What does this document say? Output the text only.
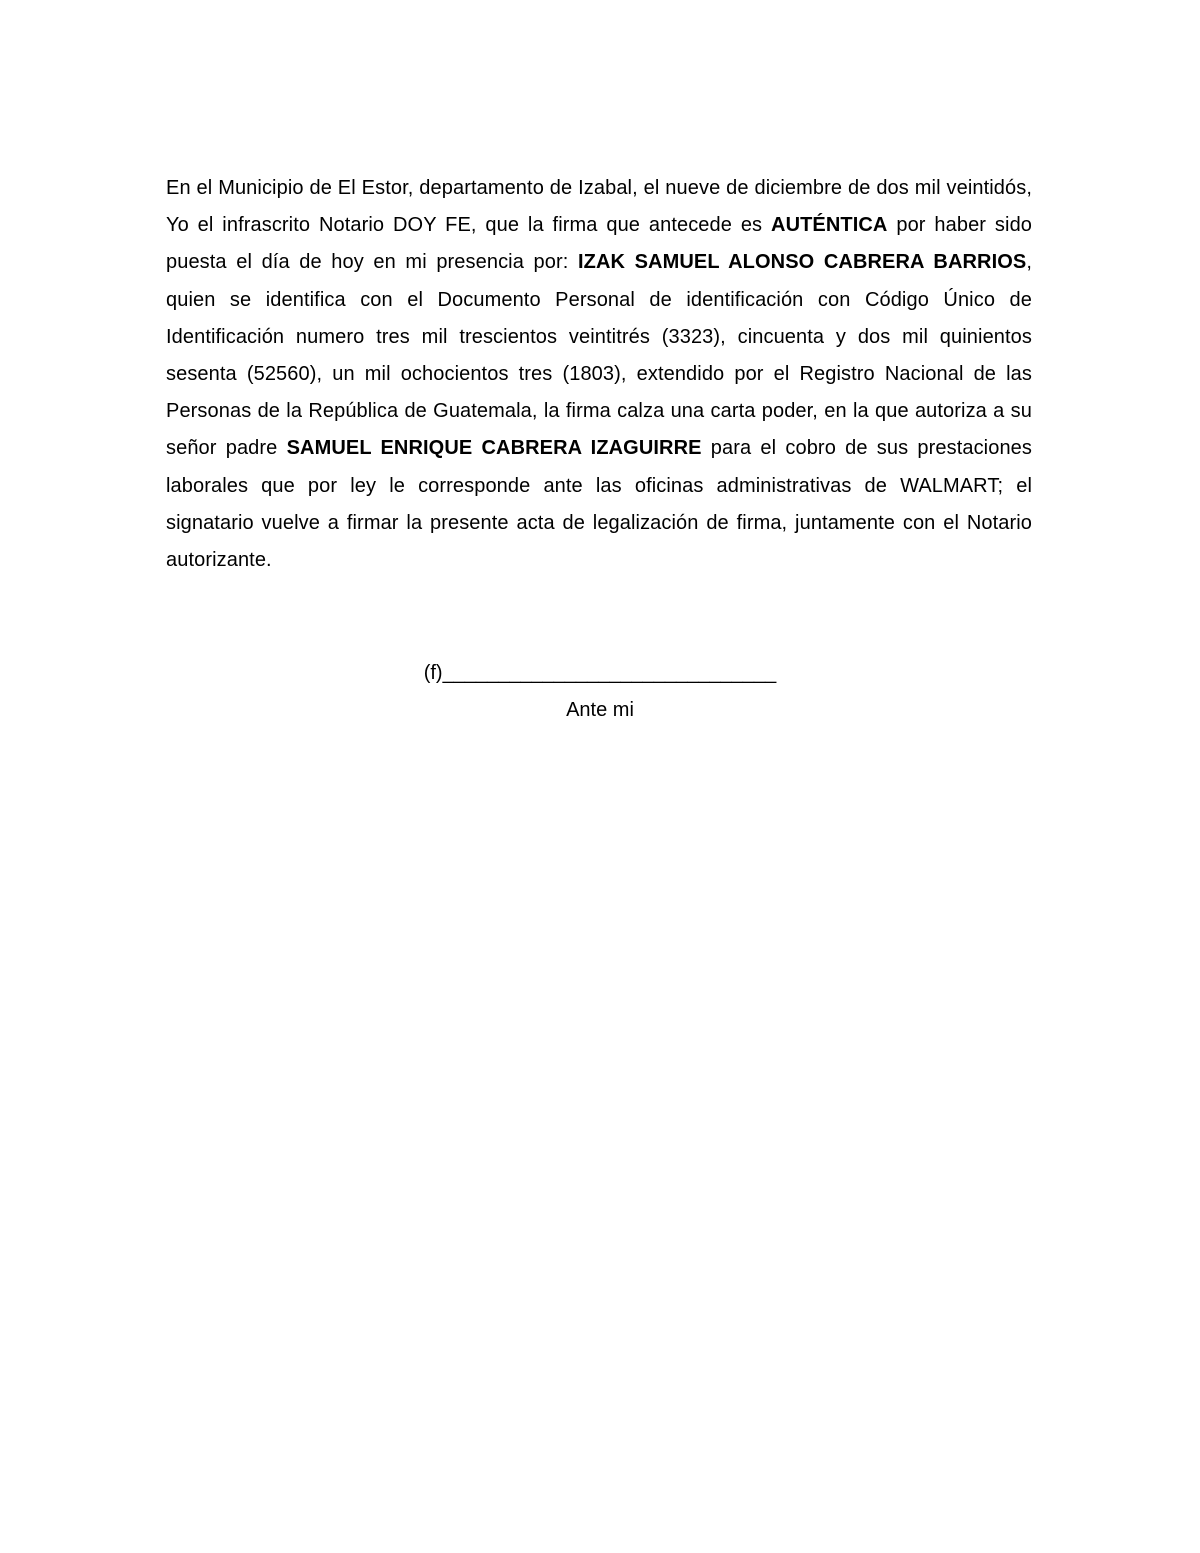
En el Municipio de El Estor, departamento de Izabal, el nueve de diciembre de dos mil veintidós, Yo el infrascrito Notario DOY FE, que la firma que antecede es AUTÉNTICA por haber sido puesta el día de hoy en mi presencia por: IZAK SAMUEL ALONSO CABRERA BARRIOS, quien se identifica con el Documento Personal de identificación con Código Único de Identificación numero tres mil trescientos veintitrés (3323), cincuenta y dos mil quinientos sesenta (52560), un mil ochocientos tres (1803), extendido por el Registro Nacional de las Personas de la República de Guatemala, la firma calza una carta poder, en la que autoriza a su señor padre SAMUEL ENRIQUE CABRERA IZAGUIRRE para el cobro de sus prestaciones laborales que por ley le corresponde ante las oficinas administrativas de WALMART; el signatario vuelve a firmar la presente acta de legalización de firma, juntamente con el Notario autorizante.

(f)______________________________
Ante mi
